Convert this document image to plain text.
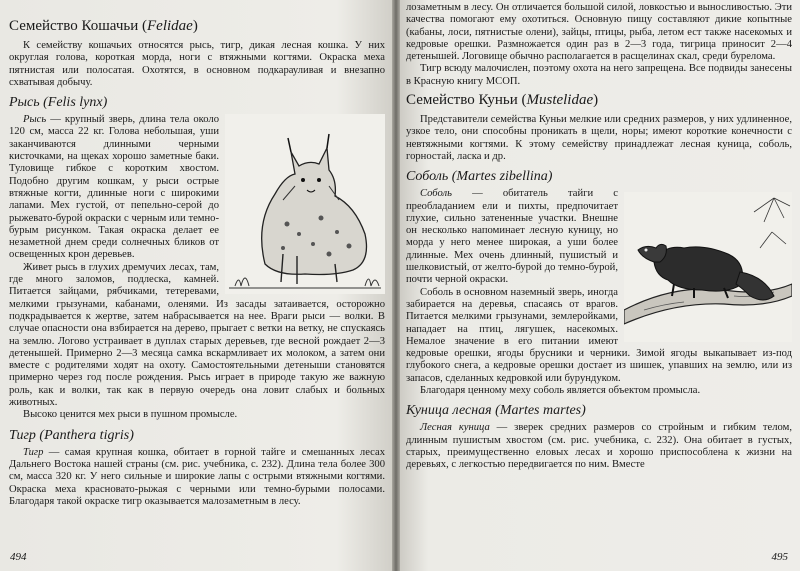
Семейство Кошачьи (Felidae)

К семейству кошачьих относятся рысь, тигр, дикая лесная кошка. У них округлая голова, короткая морда, ноги с втяжными когтями. Окраска меха пятнистая или полосатая. Охотятся, в основном подкарауливая и внезапно схватывая добычу.

Рысь (Felis lynx)

Рысь — крупный зверь, длина тела около 120 см, масса 22 кг. Голова небольшая, уши заканчиваются длинными черными кисточками, на щеках хорошо заметные баки. Туловище гибкое с коротким хвостом. Подобно другим кошкам, у рыси острые втяжные когти, длинные ноги с широкими лапами. Мех густой, от пепельно-серой до рыжевато-бурой окраски с черным или темно-бурым рисунком. Такая окраска делает ее незаметной днем среди солнечных бликов от освещенных крон деревьев.

Живет рысь в глухих дремучих лесах, там, где много заломов, подлеска, камней. Питается зайцами, рябчиками, тетеревами, мелкими грызунами, кабанами, оленями. Из засады затаивается, осторожно подкрадывается к жертве, затем набрасывается на нее. Враги рыси — волки. В случае опасности она взбирается на дерево, прыгает с ветки на ветку, не спускаясь на землю. Логово устраивает в дуплах старых деревьев, где весной рождает 2—3 детенышей. Примерно 2—3 месяца самка вскармливает их молоком, а затем они вместе с родителями ходят на охоту. Самостоятельными детеныши становятся примерно через год после рождения. Рысь играет в природе такую же важную роль, как и волки, так как в первую очередь она ловит слабых и больных животных.

Высоко ценится мех рыси в пушном промысле.

Тигр (Panthera tigris)

Тигр — самая крупная кошка, обитает в горной тайге и смешанных лесах Дальнего Востока нашей страны (см. рис. учебника, с. 232). Длина тела более 300 см, масса 320 кг. У него сильные и широкие лапы с острыми втяжными когтями. Окраска меха красновато-рыжая с черными или темно-бурыми полосами. Благодаря такой окраске тигр оказывается малозаметным в лесу.

494

лозаметным в лесу. Он отличается большой силой, ловкостью и выносливостью. Эти качества помогают ему охотиться. Основную пищу составляют дикие копытные (кабаны, лоси, пятнистые олени), зайцы, птицы, рыба, летом ест также насекомых и кедровые орешки. Размножается один раз в 2—3 года, тигрица приносит 2—4 детенышей. Логовище обычно располагается в расщелинах скал, среди бурелома.

Тигр всюду малочислен, поэтому охота на него запрещена. Все подвиды занесены в Красную книгу МСОП.

Семейство Куньи (Mustelidae)

Представители семейства Куньи мелкие или средних размеров, у них удлиненное, узкое тело, они способны проникать в щели, норы; имеют короткие конечности с невтяжными когтями. К этому семейству принадлежат лесная куница, соболь, горностай, ласка и др.

Соболь (Martes zibellina)

Соболь — обитатель тайги с преобладанием ели и пихты, предпочитает глухие, сильно затененные участки. Внешне он несколько напоминает лесную куницу, но морда у него менее широкая, а уши более длинные. Мех очень длинный, пушистый и шелковистый, от желто-бурой до темно-бурой, почти черной окраски.

Соболь в основном наземный зверь, иногда забирается на деревья, спасаясь от врагов. Питается мелкими грызунами, землеройками, нападает на птиц, лягушек, насекомых. Немалое значение в его питании имеют кедровые орешки, ягоды брусники и черники. Зимой ягоды выкапывает из-под глубокого снега, а кедровые орешки достает из шишек, упавших на землю, или из запасов, сделанных кедровкой или бурундуком.

Благодаря ценному меху соболь является объектом промысла.

Куница лесная (Martes martes)

Лесная куница — зверек средних размеров со стройным и гибким телом, длинным пушистым хвостом (см. рис. учебника, с. 232). Она обитает в густых, старых, преимущественно еловых лесах и хорошо приспособлена к жизни на деревьях, с легкостью передвигается по ним. Вместе

495
